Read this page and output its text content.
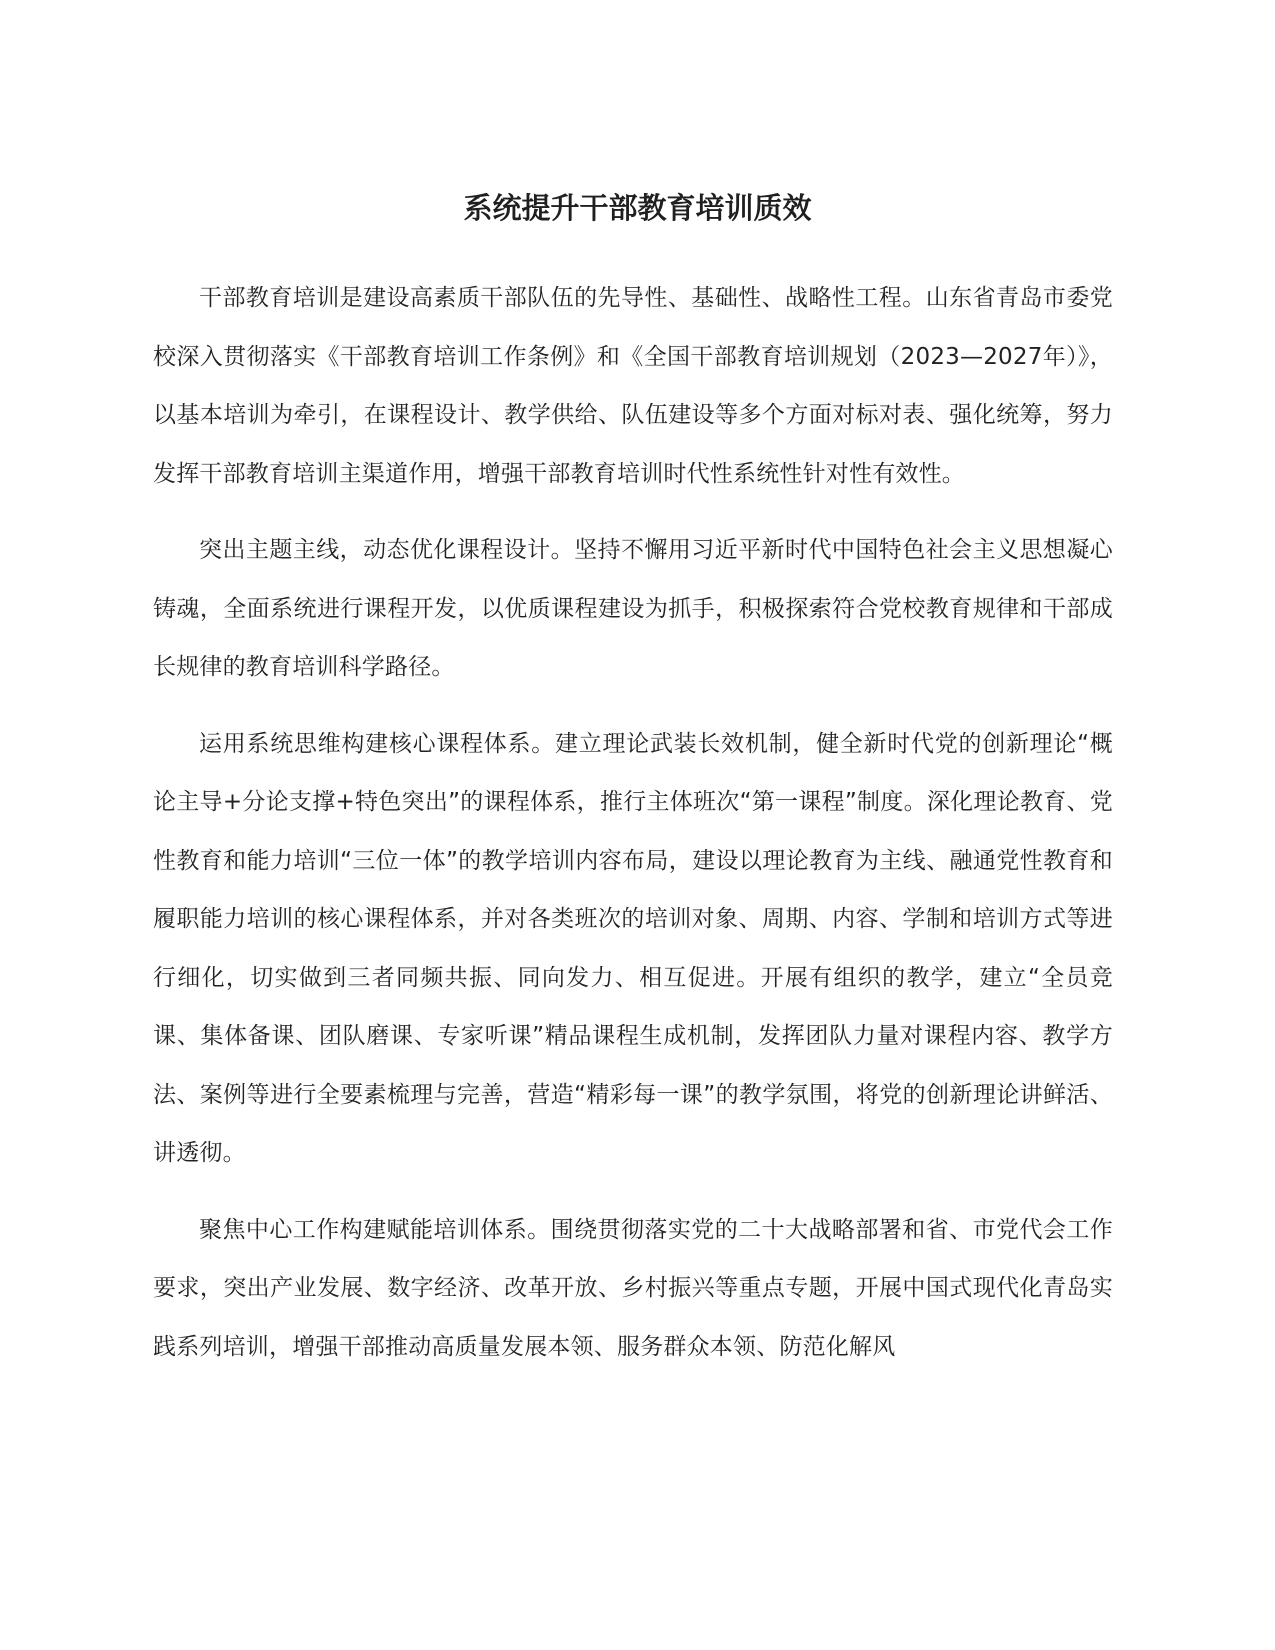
系统提升干部教育培训质效

干部教育培训是建设高素质干部队伍的先导性、基础性、战略性工程。山东省青岛市委党校深入贯彻落实《干部教育培训工作条例》和《全国干部教育培训规划（2023—2027年）》，以基本培训为牵引，在课程设计、教学供给、队伍建设等多个方面对标对表、强化统筹，努力发挥干部教育培训主渠道作用，增强干部教育培训时代性系统性针对性有效性。

突出主题主线，动态优化课程设计。坚持不懈用习近平新时代中国特色社会主义思想凝心铸魂，全面系统进行课程开发，以优质课程建设为抓手，积极探索符合党校教育规律和干部成长规律的教育培训科学路径。

运用系统思维构建核心课程体系。建立理论武装长效机制，健全新时代党的创新理论“概论主导+分论支撑+特色突出”的课程体系，推行主体班次“第一课程”制度。深化理论教育、党性教育和能力培训“三位一体”的教学培训内容布局，建设以理论教育为主线、融通党性教育和履职能力培训的核心课程体系，并对各类班次的培训对象、周期、内容、学制和培训方式等进行细化，切实做到三者同频共振、同向发力、相互促进。开展有组织的教学，建立“全员竞课、集体备课、团队磨课、专家听课”精品课程生成机制，发挥团队力量对课程内容、教学方法、案例等进行全要素梳理与完善，营造“精彩每一课”的教学氛围，将党的创新理论讲鲜活、讲透彻。

聚焦中心工作构建赋能培训体系。围绕贯彻落实党的二十大战略部署和省、市党代会工作要求，突出产业发展、数字经济、改革开放、乡村振兴等重点专题，开展中国式现代化青岛实践系列培训，增强干部推动高质量发展本领、服务群众本领、防范化解风
